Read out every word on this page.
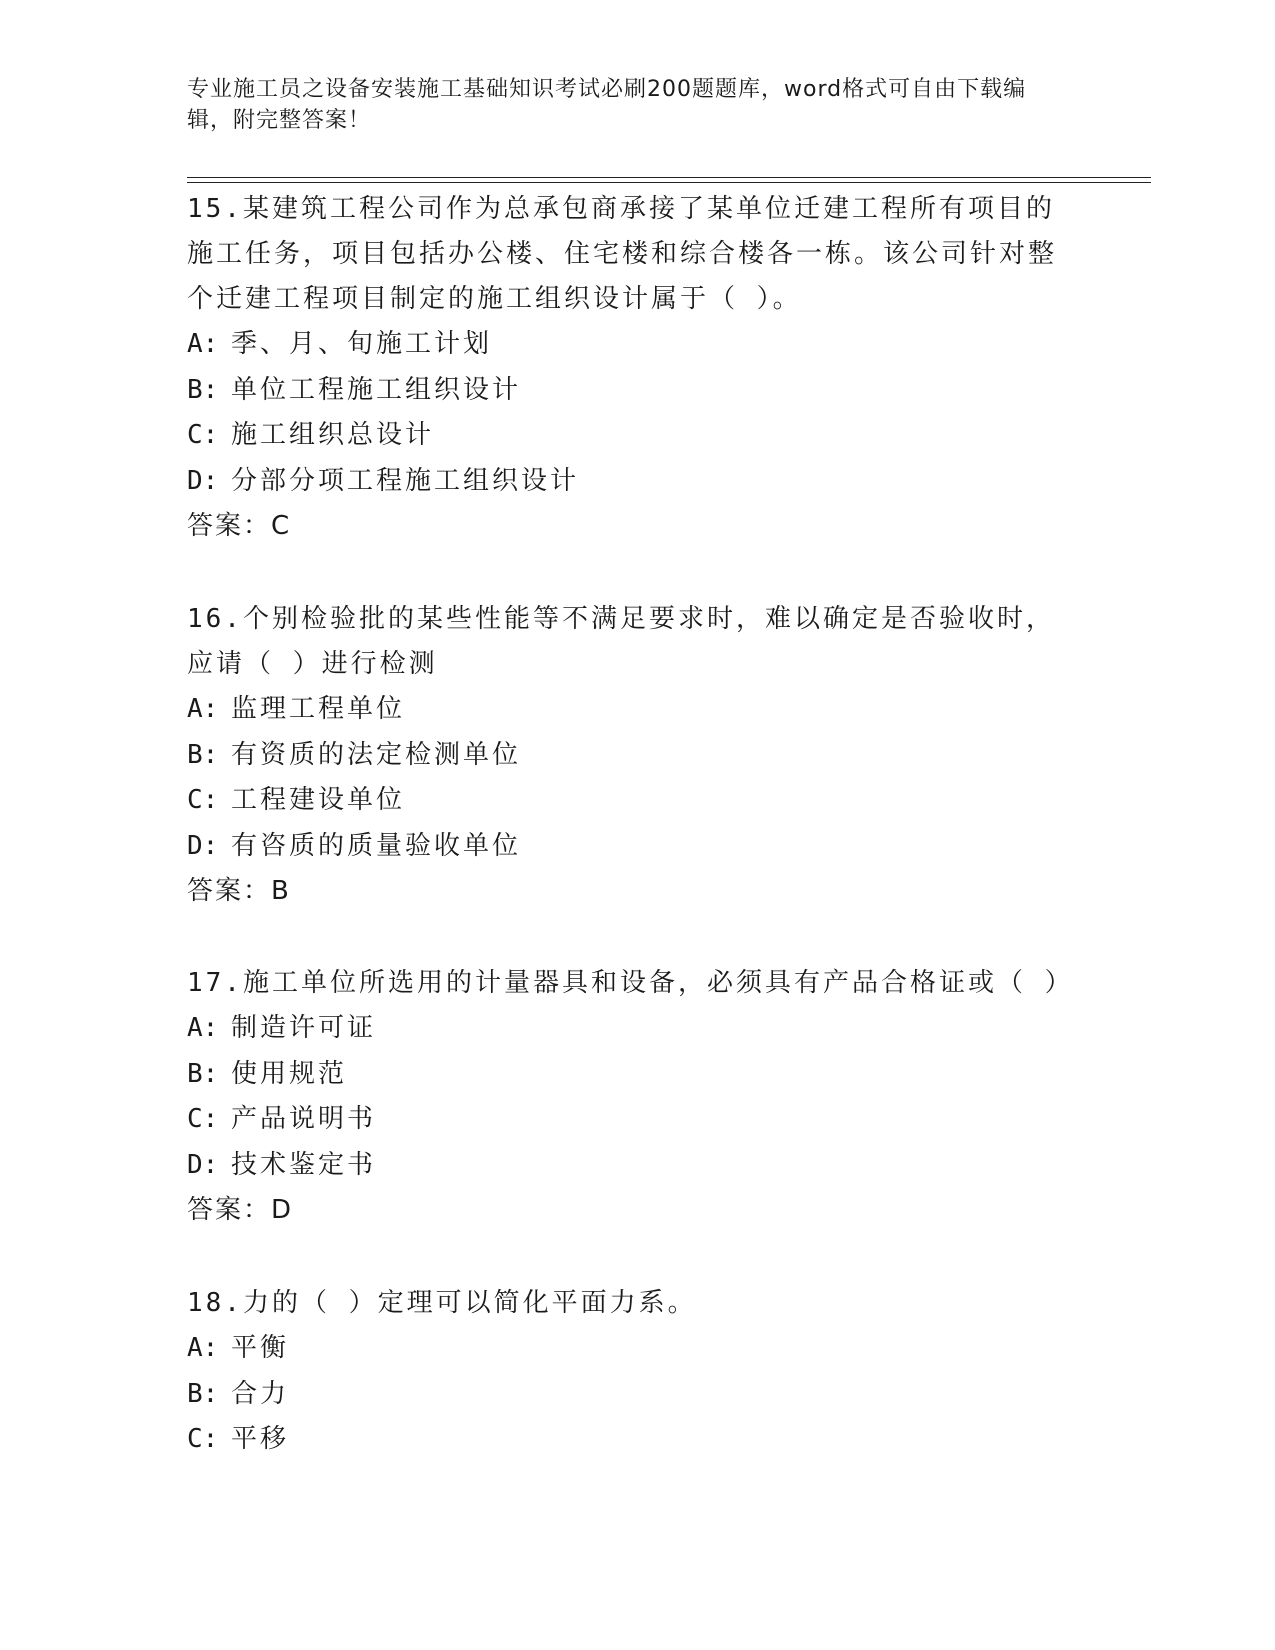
专业施工员之设备安装施工基础知识考试必刷200题题库，word格式可自由下载编辑，附完整答案！
15.某建筑工程公司作为总承包商承接了某单位迁建工程所有项目的施工任务，项目包括办公楼、住宅楼和综合楼各一栋。该公司针对整个迁建工程项目制定的施工组织设计属于（ ）。
A: 季、月、旬施工计划
B: 单位工程施工组织设计
C: 施工组织总设计
D: 分部分项工程施工组织设计
答案：C
16.个别检验批的某些性能等不满足要求时，难以确定是否验收时，应请（ ）进行检测
A: 监理工程单位
B: 有资质的法定检测单位
C: 工程建设单位
D: 有咨质的质量验收单位
答案：B
17.施工单位所选用的计量器具和设备，必须具有产品合格证或（ ）
A: 制造许可证
B: 使用规范
C: 产品说明书
D: 技术鉴定书
答案：D
18.力的（ ）定理可以简化平面力系。
A: 平衡
B: 合力
C: 平移
